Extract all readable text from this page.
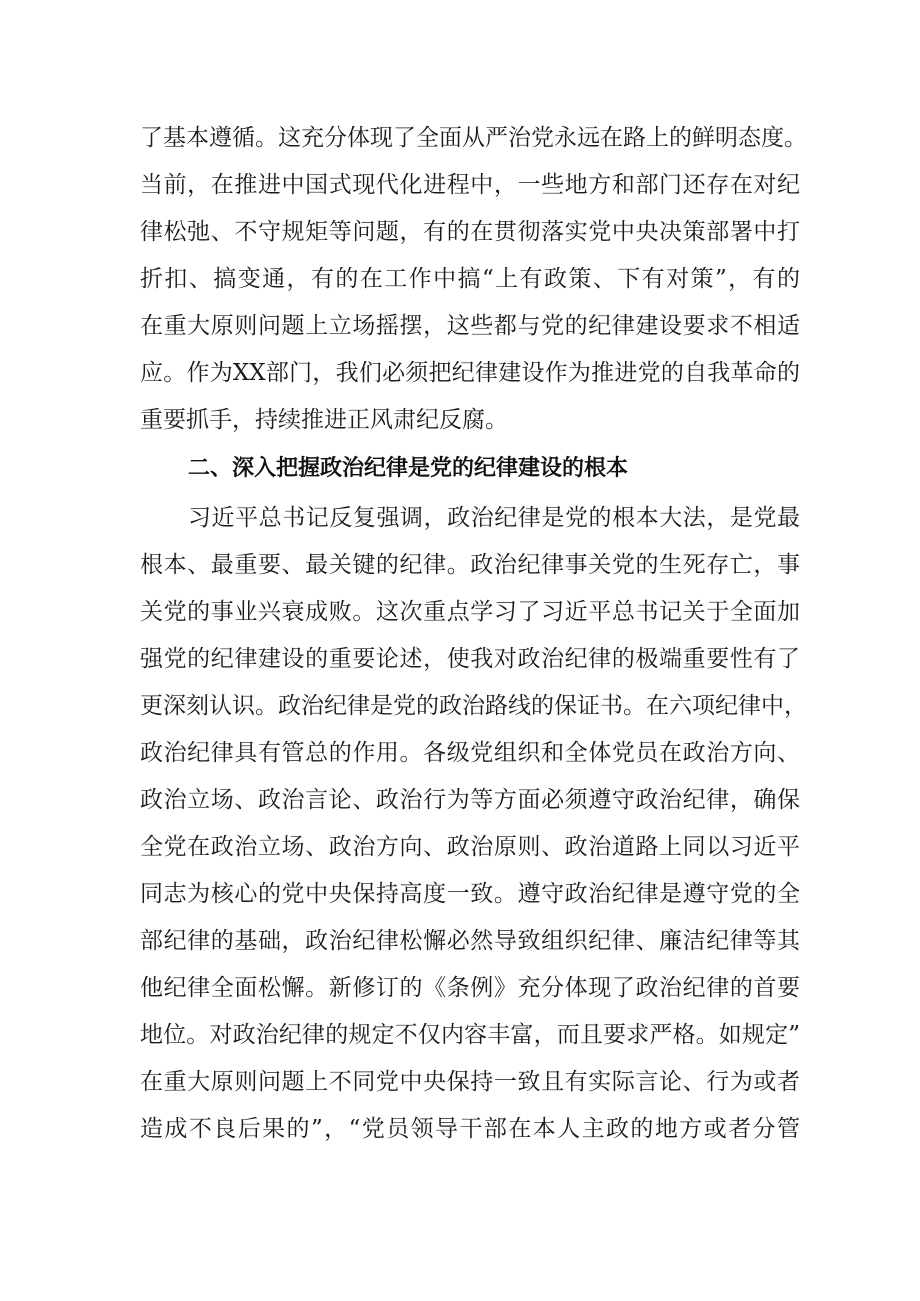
了基本遵循。这充分体现了全面从严治党永远在路上的鲜明态度。
当前，在推进中国式现代化进程中，一些地方和部门还存在对纪
律松弛、不守规矩等问题，有的在贯彻落实党中央决策部署中打
折扣、搞变通，有的在工作中搞“上有政策、下有对策”，有的
在重大原则问题上立场摇摆，这些都与党的纪律建设要求不相适
应。作为XX部门，我们必须把纪律建设作为推进党的自我革命的
重要抓手，持续推进正风肃纪反腐。
二、深入把握政治纪律是党的纪律建设的根本
习近平总书记反复强调，政治纪律是党的根本大法，是党最
根本、最重要、最关键的纪律。政治纪律事关党的生死存亡，事
关党的事业兴衰成败。这次重点学习了习近平总书记关于全面加
强党的纪律建设的重要论述，使我对政治纪律的极端重要性有了
更深刻认识。政治纪律是党的政治路线的保证书。在六项纪律中，
政治纪律具有管总的作用。各级党组织和全体党员在政治方向、
政治立场、政治言论、政治行为等方面必须遵守政治纪律，确保
全党在政治立场、政治方向、政治原则、政治道路上同以习近平
同志为核心的党中央保持高度一致。遵守政治纪律是遵守党的全
部纪律的基础，政治纪律松懈必然导致组织纪律、廉洁纪律等其
他纪律全面松懈。新修订的《条例》充分体现了政治纪律的首要
地位。对政治纪律的规定不仅内容丰富，而且要求严格。如规定”
在重大原则问题上不同党中央保持一致且有实际言论、行为或者
造成不良后果的”，“党员领导干部在本人主政的地方或者分管
